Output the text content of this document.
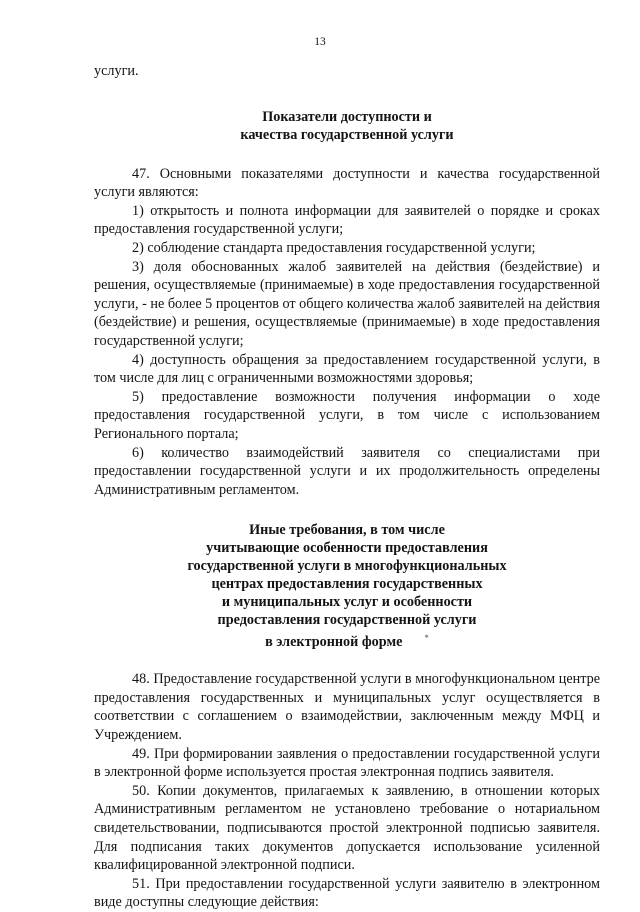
13

услуги.

Показатели доступности и
качества государственной услуги

47. Основными показателями доступности и качества государственной услуги являются:

1) открытость и полнота информации для заявителей о порядке и сроках предоставления государственной услуги;

2) соблюдение стандарта предоставления государственной услуги;

3) доля обоснованных жалоб заявителей на действия (бездействие) и решения, осуществляемые (принимаемые) в ходе предоставления государственной услуги, - не более 5 процентов от общего количества жалоб заявителей на действия (бездействие) и решения, осуществляемые (принимаемые) в ходе предоставления государственной услуги;

4) доступность обращения за предоставлением государственной услуги, в том числе для лиц с ограниченными возможностями здоровья;

5) предоставление возможности получения информации о ходе предоставления государственной услуги, в том числе с использованием Регионального портала;

6) количество взаимодействий заявителя со специалистами при предоставлении государственной услуги и их продолжительность определены Административным регламентом.

Иные требования, в том числе
учитывающие особенности предоставления
государственной услуги в многофункциональных
центрах предоставления государственных
и муниципальных услуг и особенности
предоставления государственной услуги
в электронной форме *

48. Предоставление государственной услуги в многофункциональном центре предоставления государственных и муниципальных услуг осуществляется в соответствии с соглашением о взаимодействии, заключенным между МФЦ и Учреждением.

49. При формировании заявления о предоставлении государственной услуги в электронной форме используется простая электронная подпись заявителя.

50. Копии документов, прилагаемых к заявлению, в отношении которых Административным регламентом не установлено требование о нотариальном свидетельствовании, подписываются простой электронной подписью заявителя. Для подписания таких документов допускается использование усиленной квалифицированной электронной подписи.

51. При предоставлении государственной услуги заявителю в электронном виде доступны следующие действия:
